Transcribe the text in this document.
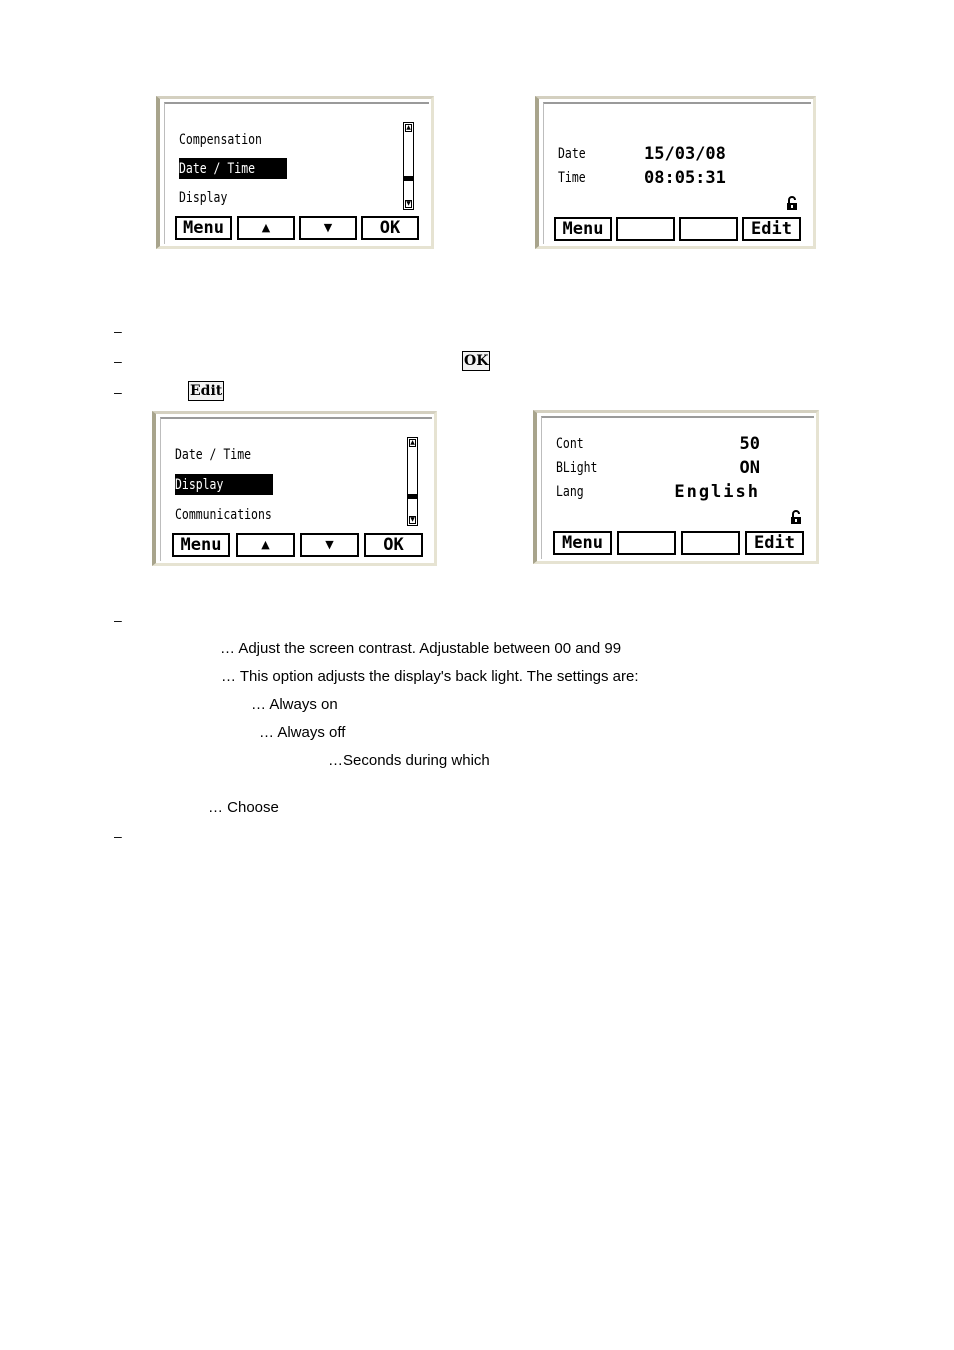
Compensation
Date / Time
Display
▲
▼
Menu	▲	▼	OK
Date	15/03/08
Time	08:05:31
Menu	Edit
–
–	OK
–	Edit
Date / Time
Display
Communications
▲
▼
Menu	▲	▼	OK
Cont	50
BLight	ON
Lang	English
Menu	Edit
–
… Adjust the screen contrast. Adjustable between 00 and 99
… This option adjusts the display's back light. The settings are:
… Always on
… Always off
…Seconds during which
… Choose
–
